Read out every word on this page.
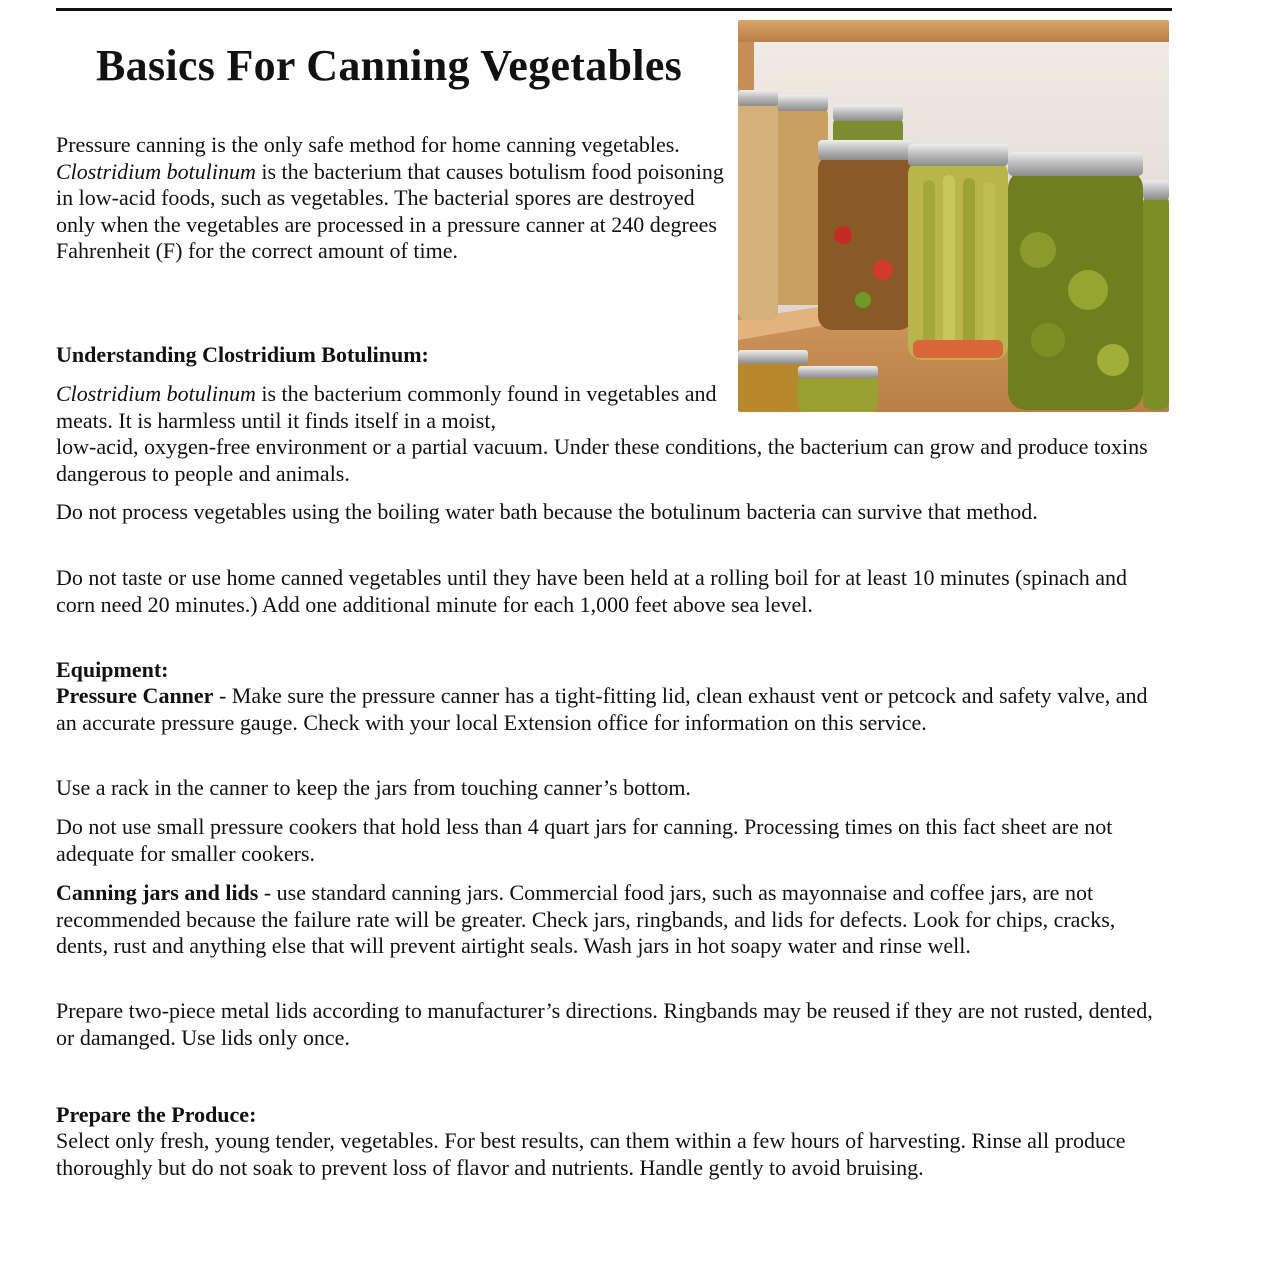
Basics For Canning Vegetables

Pressure canning is the only safe method for home canning vegetables. Clostridium botulinum is the bacterium that causes botulism food poisoning in low-acid foods, such as vegetables. The bacterial spores are destroyed only when the vegetables are processed in a pressure canner at 240 degrees Fahrenheit (F) for the correct amount of time.

Understanding Clostridium Botulinum:

Clostridium botulinum is the bacterium commonly found in vegetables and meats. It is harmless until it finds itself in a moist,

low-acid, oxygen-free environment or a partial vacuum. Under these conditions, the bacterium can grow and produce toxins dangerous to people and animals.

Do not process vegetables using the boiling water bath because the botulinum bacteria can survive that method.

Do not taste or use home canned vegetables until they have been held at a rolling boil for at least 10 minutes (spinach and corn need 20 minutes.) Add one additional minute for each 1,000 feet above sea level.

Equipment:

Pressure Canner - Make sure the pressure canner has a tight-fitting lid, clean exhaust vent or petcock and safety valve, and an accurate pressure gauge. Check with your local Extension office for information on this service.

Use a rack in the canner to keep the jars from touching canner’s bottom.

Do not use small pressure cookers that hold less than 4 quart jars for canning. Processing times on this fact sheet are not adequate for smaller cookers.

Canning jars and lids - use standard canning jars. Commercial food jars, such as mayonnaise and coffee jars, are not recommended because the failure rate will be greater. Check jars, ringbands, and lids for defects. Look for chips, cracks, dents, rust and anything else that will prevent airtight seals. Wash jars in hot soapy water and rinse well.

Prepare two-piece metal lids according to manufacturer’s directions. Ringbands may be reused if they are not rusted, dented, or damanged. Use lids only once.

Prepare the Produce:

Select only fresh, young tender, vegetables. For best results, can them within a few hours of harvesting. Rinse all produce thoroughly but do not soak to prevent loss of flavor and nutrients. Handle gently to avoid bruising.
